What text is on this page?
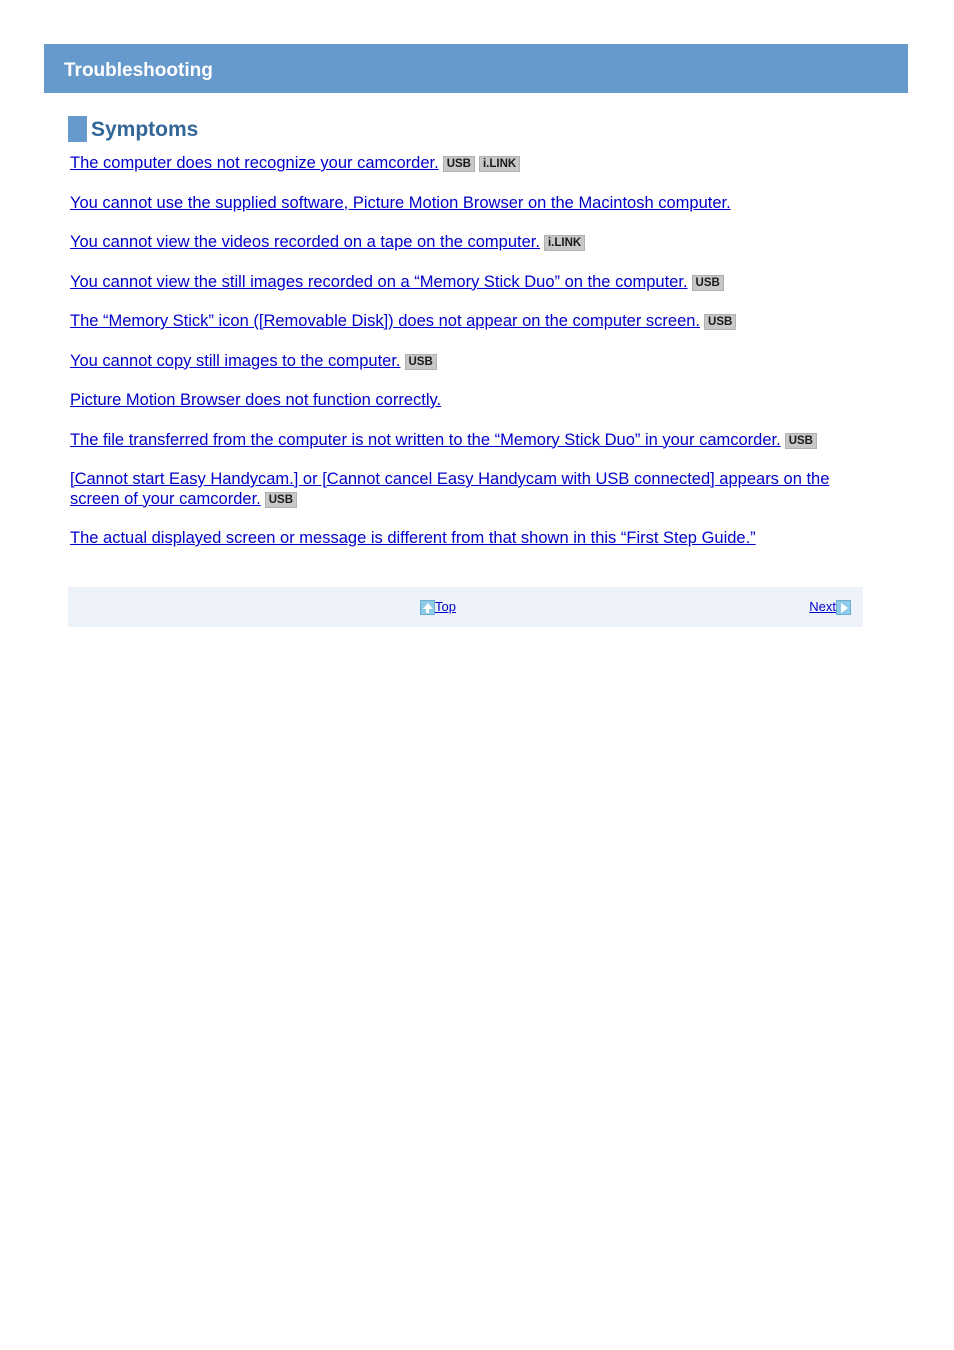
Troubleshooting
Symptoms
The computer does not recognize your camcorder. USB i.LINK
You cannot use the supplied software, Picture Motion Browser on the Macintosh computer.
You cannot view the videos recorded on a tape on the computer. i.LINK
You cannot view the still images recorded on a “Memory Stick Duo” on the computer. USB
The “Memory Stick” icon ([Removable Disk]) does not appear on the computer screen. USB
You cannot copy still images to the computer. USB
Picture Motion Browser does not function correctly.
The file transferred from the computer is not written to the “Memory Stick Duo” in your camcorder. USB
[Cannot start Easy Handycam.] or [Cannot cancel Easy Handycam with USB connected] appears on the screen of your camcorder. USB
The actual displayed screen or message is different from that shown in this “First Step Guide.”
Top	Next
